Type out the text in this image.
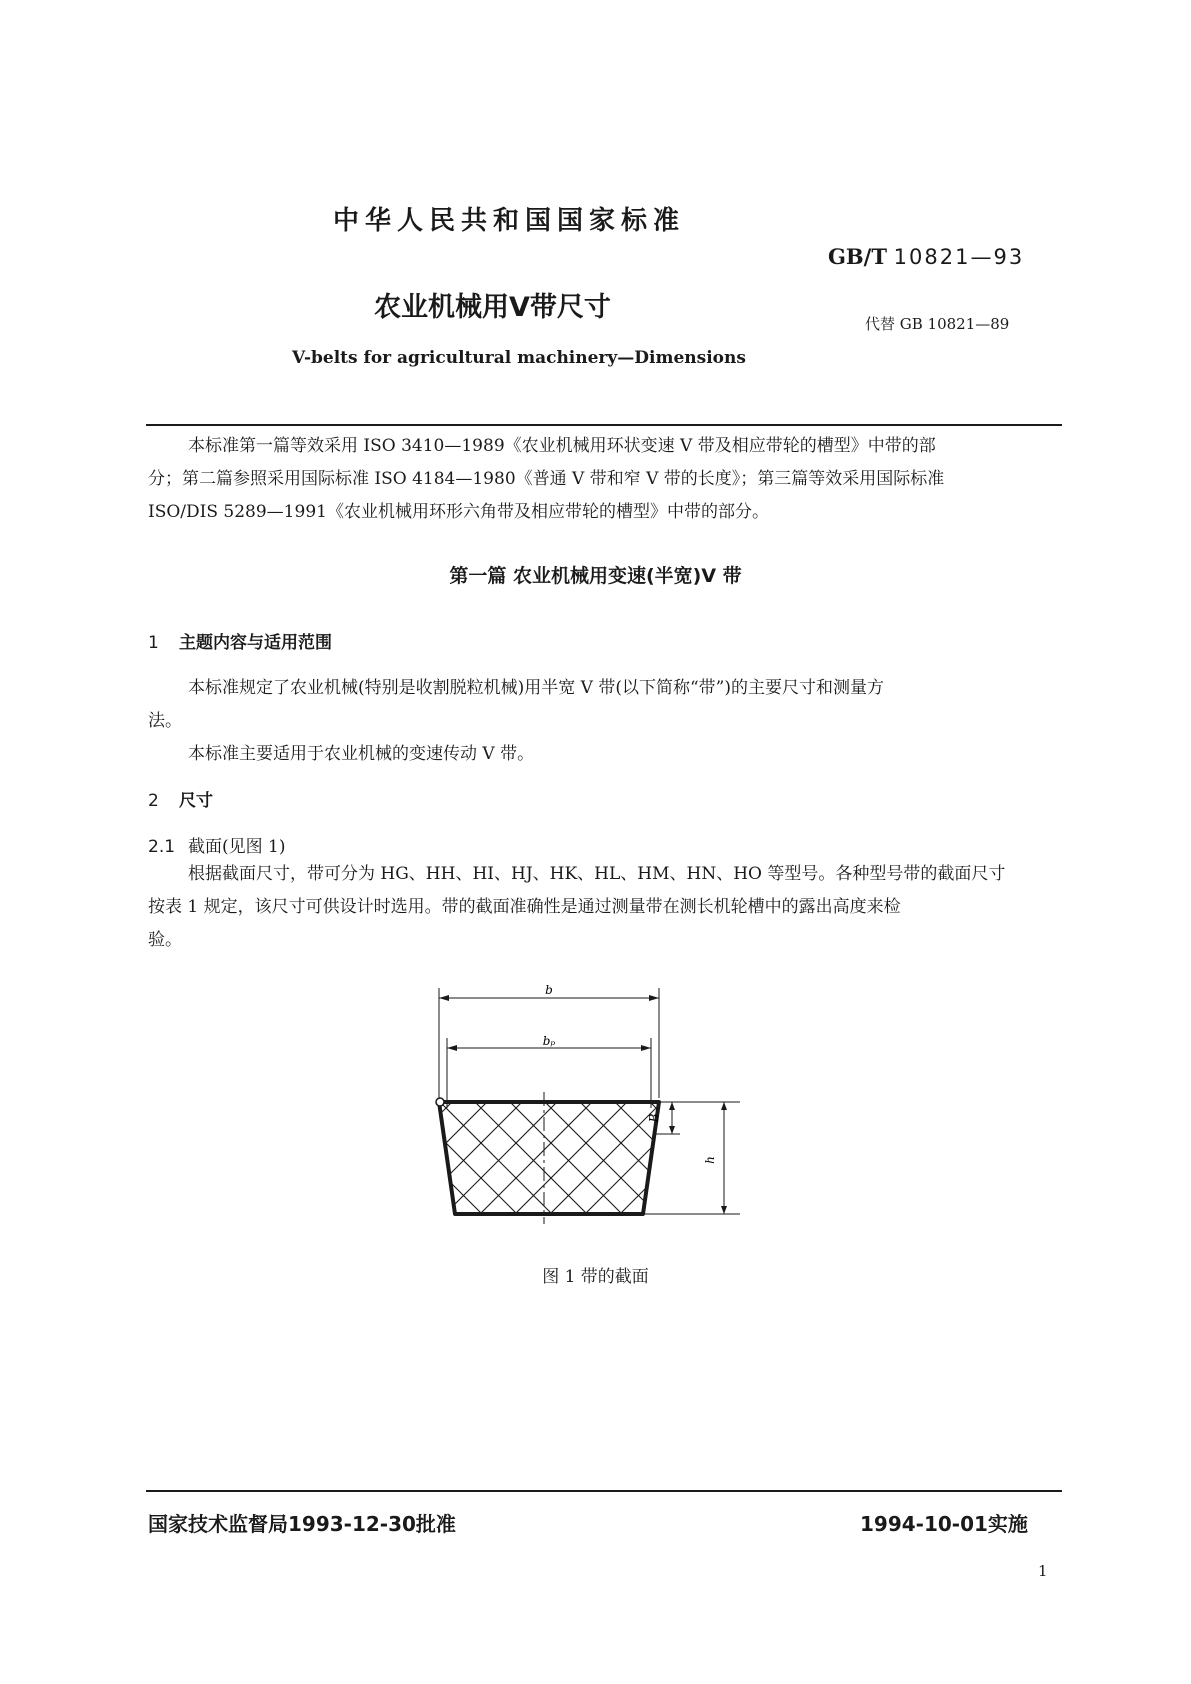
中华人民共和国国家标准
GB/T 10821—93
农业机械用V带尺寸
代替 GB 10821—89
V-belts for agricultural machinery—Dimensions
本标准第一篇等效采用 ISO 3410—1989《农业机械用环状变速 V 带及相应带轮的槽型》中带的部
分；第二篇参照采用国际标准 ISO 4184—1980《普通 V 带和窄 V 带的长度》；第三篇等效采用国际标准
ISO/DIS 5289—1991《农业机械用环形六角带及相应带轮的槽型》中带的部分。
第一篇 农业机械用变速(半宽)V 带
1 主题内容与适用范围
本标准规定了农业机械(特别是收割脱粒机械)用半宽 V 带(以下简称“带”)的主要尺寸和测量方
法。
本标准主要适用于农业机械的变速传动 V 带。
2 尺寸
2.1 截面(见图 1)
根据截面尺寸，带可分为 HG、HH、HI、HJ、HK、HL、HM、HN、HO 等型号。各种型号带的截面尺寸
按表 1 规定，该尺寸可供设计时选用。带的截面准确性是通过测量带在测长机轮槽中的露出高度来检
验。
b
bₚ
B
h
图 1 带的截面
国家技术监督局1993-12-30批准	1994-10-01实施
1
